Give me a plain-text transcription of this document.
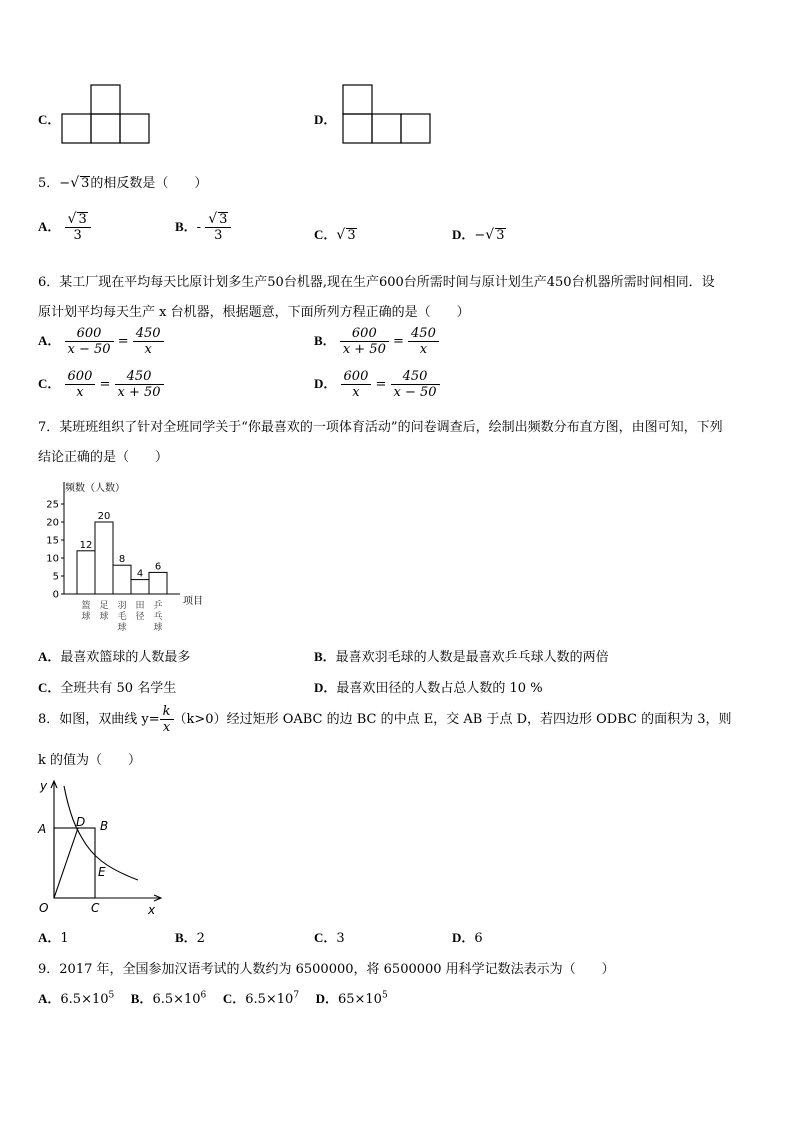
C．	D．
5．−√ 3的相反数是（　　）
A． $\frac{√ 3}{3}$	B．- $\frac{√ 3}{3}$	C．√ 3	D．−√ 3
6．某工厂现在平均每天比原计划多生产50台机器,现在生产600台所需时间与原计划生产450台机器所需时间相同．设
原计划平均每天生产 x 台机器，根据题意，下面所列方程正确的是（　　）
A． $\frac{600}{x - 50} = \frac{450}{x}$	B． $\frac{600}{x + 50} = \frac{450}{x}$
C． $\frac{600}{x} = \frac{450}{x + 50}$	D． $\frac{600}{x} = \frac{450}{x - 50}$
7．某班班组织了针对全班同学关于“你最喜欢的一项体育活动”的问卷调查后，绘制出频数分布直方图，由图可知，下列
结论正确的是（　　）
频数（人数）
项目
0
5
10
15
20
25
12
篮球
20
足球
8
羽毛球
4
田径
6
乒乓球
A．最喜欢篮球的人数最多	B．最喜欢羽毛球的人数是最喜欢乒乓球人数的两倍
C．全班共有 50 名学生	D．最喜欢田径的人数占总人数的 10 %
8．如图，双曲线 $y= \frac{k}{x} (k>0)$经过矩形 OABC 的边 BC 的中点 E，交 AB 于点 D，若四边形 ODBC 的面积为 3，则
k 的值为（　　）
y
A D B
E
O	C	x
A．1	B．2	C．3	D．6
9．2017 年，全国参加汉语考试的人数约为 6500000，将 6500000 用科学记数法表示为（　　）
A．$6.5\times 10^5$ B．$6.5\times 10^6$ C．$6.5\times 10^7$ D．$65\times 10^5$
